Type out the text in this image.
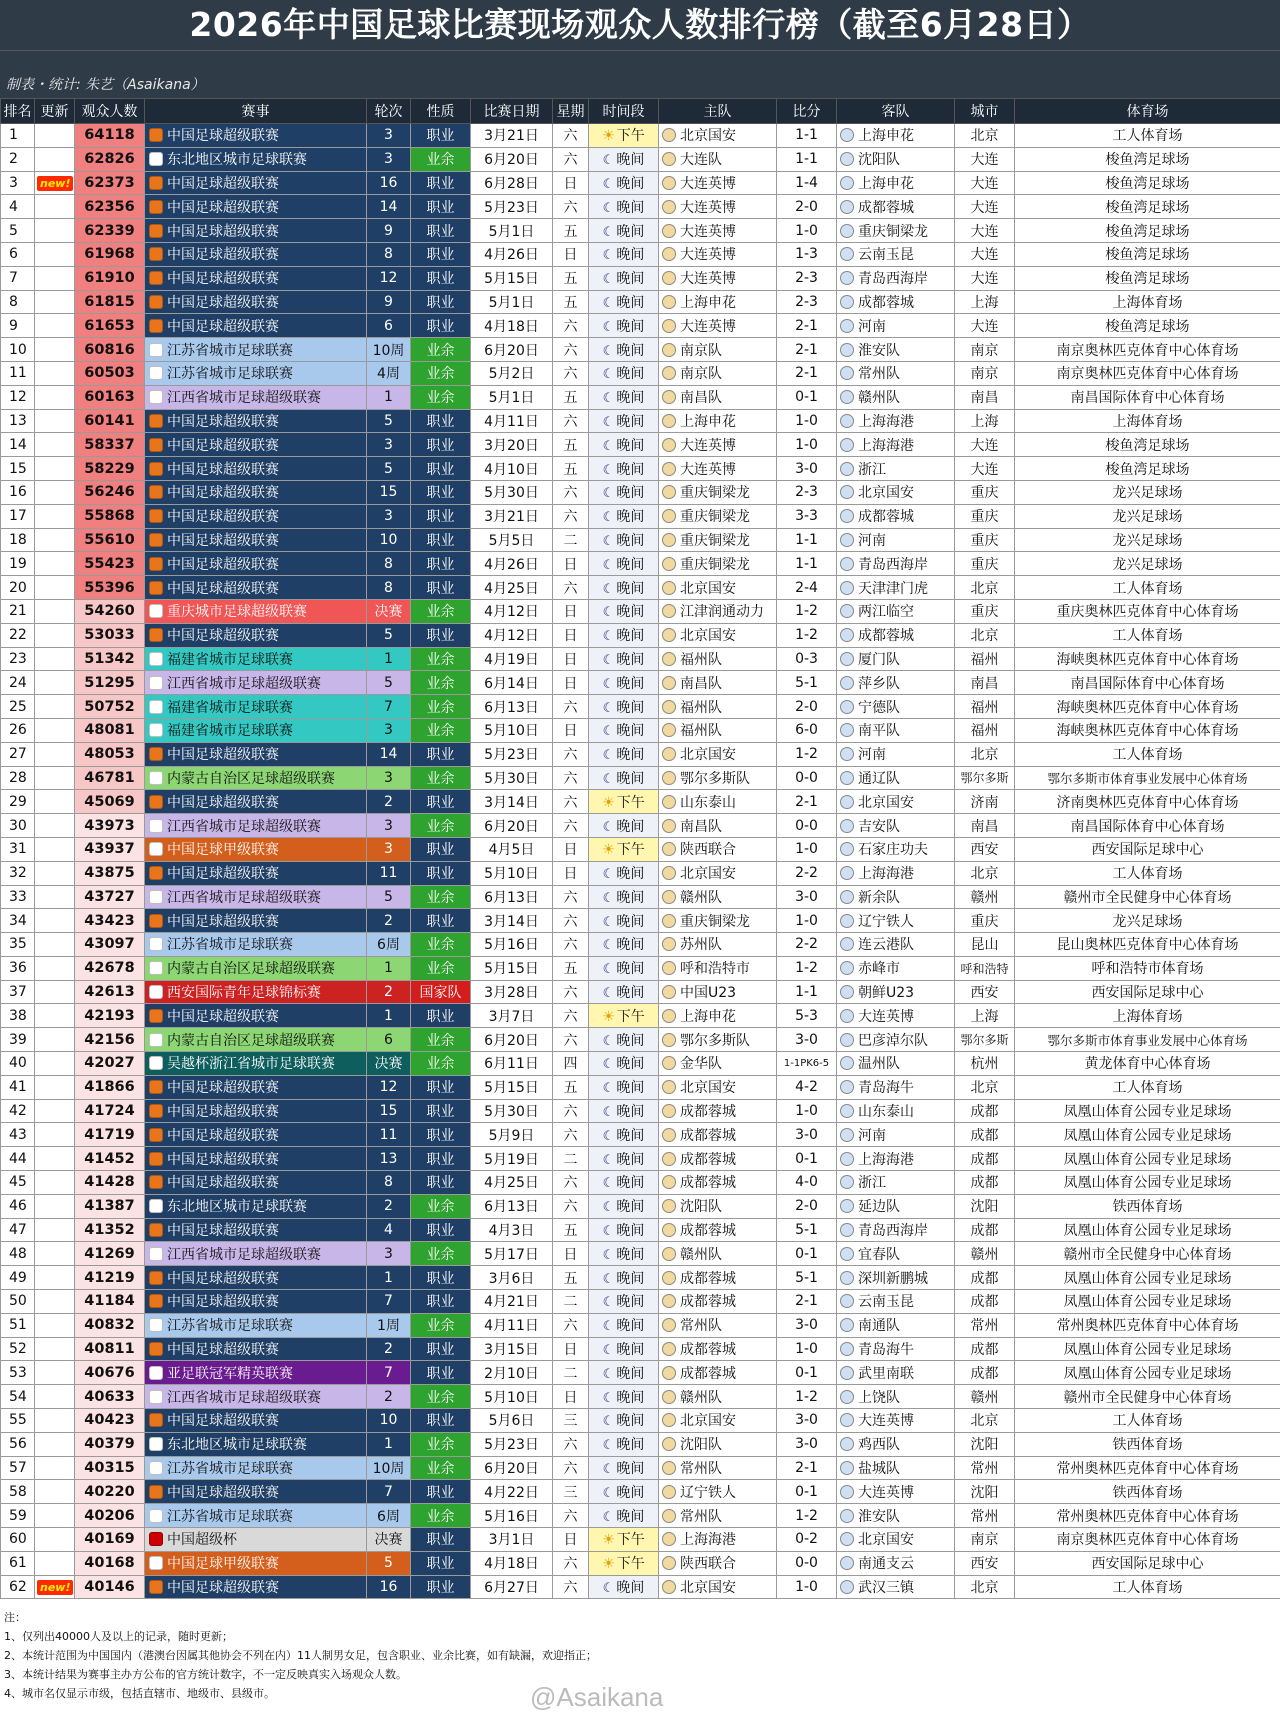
2026年中国足球比赛现场观众人数排行榜（截至6月28日）
制表・统计: 朱艺（Asaikana）
排名	更新	观众人数	赛事	轮次	性质	比赛日期	星期	时间段	主队	比分	客队	城市	体育场
1		64118	中国足球超级联赛	3	职业	3月21日	六	☀ 下午	北京国安	1-1	上海申花	北京	工人体育场
2		62826	东北地区城市足球联赛	3	业余	6月20日	六	☾ 晚间	大连队	1-1	沈阳队	大连	梭鱼湾足球场
3	new!	62373	中国足球超级联赛	16	职业	6月28日	日	☾ 晚间	大连英博	1-4	上海申花	大连	梭鱼湾足球场
4		62356	中国足球超级联赛	14	职业	5月23日	六	☾ 晚间	大连英博	2-0	成都蓉城	大连	梭鱼湾足球场
5		62339	中国足球超级联赛	9	职业	5月1日	五	☾ 晚间	大连英博	1-0	重庆铜梁龙	大连	梭鱼湾足球场
6		61968	中国足球超级联赛	8	职业	4月26日	日	☾ 晚间	大连英博	1-3	云南玉昆	大连	梭鱼湾足球场
7		61910	中国足球超级联赛	12	职业	5月15日	五	☾ 晚间	大连英博	2-3	青岛西海岸	大连	梭鱼湾足球场
8		61815	中国足球超级联赛	9	职业	5月1日	五	☾ 晚间	上海申花	2-3	成都蓉城	上海	上海体育场
9		61653	中国足球超级联赛	6	职业	4月18日	六	☾ 晚间	大连英博	2-1	河南	大连	梭鱼湾足球场
10		60816	江苏省城市足球联赛	10周	业余	6月20日	六	☾ 晚间	南京队	2-1	淮安队	南京	南京奥林匹克体育中心体育场
11		60503	江苏省城市足球联赛	4周	业余	5月2日	六	☾ 晚间	南京队	2-1	常州队	南京	南京奥林匹克体育中心体育场
12		60163	江西省城市足球超级联赛	1	业余	5月1日	五	☾ 晚间	南昌队	0-1	赣州队	南昌	南昌国际体育中心体育场
13		60141	中国足球超级联赛	5	职业	4月11日	六	☾ 晚间	上海申花	1-0	上海海港	上海	上海体育场
14		58337	中国足球超级联赛	3	职业	3月20日	五	☾ 晚间	大连英博	1-0	上海海港	大连	梭鱼湾足球场
15		58229	中国足球超级联赛	5	职业	4月10日	五	☾ 晚间	大连英博	3-0	浙江	大连	梭鱼湾足球场
16		56246	中国足球超级联赛	15	职业	5月30日	六	☾ 晚间	重庆铜梁龙	2-3	北京国安	重庆	龙兴足球场
17		55868	中国足球超级联赛	3	职业	3月21日	六	☾ 晚间	重庆铜梁龙	3-3	成都蓉城	重庆	龙兴足球场
18		55610	中国足球超级联赛	10	职业	5月5日	二	☾ 晚间	重庆铜梁龙	1-1	河南	重庆	龙兴足球场
19		55423	中国足球超级联赛	8	职业	4月26日	日	☾ 晚间	重庆铜梁龙	1-1	青岛西海岸	重庆	龙兴足球场
20		55396	中国足球超级联赛	8	职业	4月25日	六	☾ 晚间	北京国安	2-4	天津津门虎	北京	工人体育场
21		54260	重庆城市足球超级联赛	决赛	业余	4月12日	日	☾ 晚间	江津润通动力	1-2	两江临空	重庆	重庆奥林匹克体育中心体育场
22		53033	中国足球超级联赛	5	职业	4月12日	日	☾ 晚间	北京国安	1-2	成都蓉城	北京	工人体育场
23		51342	福建省城市足球联赛	1	业余	4月19日	日	☾ 晚间	福州队	0-3	厦门队	福州	海峡奥林匹克体育中心体育场
24		51295	江西省城市足球超级联赛	5	业余	6月14日	日	☾ 晚间	南昌队	5-1	萍乡队	南昌	南昌国际体育中心体育场
25		50752	福建省城市足球联赛	7	业余	6月13日	六	☾ 晚间	福州队	2-0	宁德队	福州	海峡奥林匹克体育中心体育场
26		48081	福建省城市足球联赛	3	业余	5月10日	日	☾ 晚间	福州队	6-0	南平队	福州	海峡奥林匹克体育中心体育场
27		48053	中国足球超级联赛	14	职业	5月23日	六	☾ 晚间	北京国安	1-2	河南	北京	工人体育场
28		46781	内蒙古自治区足球超级联赛	3	业余	5月30日	六	☾ 晚间	鄂尔多斯队	0-0	通辽队	鄂尔多斯	鄂尔多斯市体育事业发展中心体育场
29		45069	中国足球超级联赛	2	职业	3月14日	六	☀ 下午	山东泰山	2-1	北京国安	济南	济南奥林匹克体育中心体育场
30		43973	江西省城市足球超级联赛	3	业余	6月20日	六	☾ 晚间	南昌队	0-0	吉安队	南昌	南昌国际体育中心体育场
31		43937	中国足球甲级联赛	3	职业	4月5日	日	☀ 下午	陕西联合	1-0	石家庄功夫	西安	西安国际足球中心
32		43875	中国足球超级联赛	11	职业	5月10日	日	☾ 晚间	北京国安	2-2	上海海港	北京	工人体育场
33		43727	江西省城市足球超级联赛	5	业余	6月13日	六	☾ 晚间	赣州队	3-0	新余队	赣州	赣州市全民健身中心体育场
34		43423	中国足球超级联赛	2	职业	3月14日	六	☾ 晚间	重庆铜梁龙	1-0	辽宁铁人	重庆	龙兴足球场
35		43097	江苏省城市足球联赛	6周	业余	5月16日	六	☾ 晚间	苏州队	2-2	连云港队	昆山	昆山奥林匹克体育中心体育场
36		42678	内蒙古自治区足球超级联赛	1	业余	5月15日	五	☾ 晚间	呼和浩特市	1-2	赤峰市	呼和浩特	呼和浩特市体育场
37		42613	西安国际青年足球锦标赛	2	国家队	3月28日	六	☾ 晚间	中国U23	1-1	朝鲜U23	西安	西安国际足球中心
38		42193	中国足球超级联赛	1	职业	3月7日	六	☀ 下午	上海申花	5-3	大连英博	上海	上海体育场
39		42156	内蒙古自治区足球超级联赛	6	业余	6月20日	六	☾ 晚间	鄂尔多斯队	3-0	巴彦淖尔队	鄂尔多斯	鄂尔多斯市体育事业发展中心体育场
40		42027	吴越杯浙江省城市足球联赛	决赛	业余	6月11日	四	☾ 晚间	金华队	1-1PK6-5	温州队	杭州	黄龙体育中心体育场
41		41866	中国足球超级联赛	12	职业	5月15日	五	☾ 晚间	北京国安	4-2	青岛海牛	北京	工人体育场
42		41724	中国足球超级联赛	15	职业	5月30日	六	☾ 晚间	成都蓉城	1-0	山东泰山	成都	凤凰山体育公园专业足球场
43		41719	中国足球超级联赛	11	职业	5月9日	六	☾ 晚间	成都蓉城	3-0	河南	成都	凤凰山体育公园专业足球场
44		41452	中国足球超级联赛	13	职业	5月19日	二	☾ 晚间	成都蓉城	0-1	上海海港	成都	凤凰山体育公园专业足球场
45		41428	中国足球超级联赛	8	职业	4月25日	六	☾ 晚间	成都蓉城	4-0	浙江	成都	凤凰山体育公园专业足球场
46		41387	东北地区城市足球联赛	2	业余	6月13日	六	☾ 晚间	沈阳队	2-0	延边队	沈阳	铁西体育场
47		41352	中国足球超级联赛	4	职业	4月3日	五	☾ 晚间	成都蓉城	5-1	青岛西海岸	成都	凤凰山体育公园专业足球场
48		41269	江西省城市足球超级联赛	3	业余	5月17日	日	☾ 晚间	赣州队	0-1	宜春队	赣州	赣州市全民健身中心体育场
49		41219	中国足球超级联赛	1	职业	3月6日	五	☾ 晚间	成都蓉城	5-1	深圳新鹏城	成都	凤凰山体育公园专业足球场
50		41184	中国足球超级联赛	7	职业	4月21日	二	☾ 晚间	成都蓉城	2-1	云南玉昆	成都	凤凰山体育公园专业足球场
51		40832	江苏省城市足球联赛	1周	业余	4月11日	六	☾ 晚间	常州队	3-0	南通队	常州	常州奥林匹克体育中心体育场
52		40811	中国足球超级联赛	2	职业	3月15日	日	☾ 晚间	成都蓉城	1-0	青岛海牛	成都	凤凰山体育公园专业足球场
53		40676	亚足联冠军精英联赛	7	职业	2月10日	二	☾ 晚间	成都蓉城	0-1	武里南联	成都	凤凰山体育公园专业足球场
54		40633	江西省城市足球超级联赛	2	业余	5月10日	日	☾ 晚间	赣州队	1-2	上饶队	赣州	赣州市全民健身中心体育场
55		40423	中国足球超级联赛	10	职业	5月6日	三	☾ 晚间	北京国安	3-0	大连英博	北京	工人体育场
56		40379	东北地区城市足球联赛	1	业余	5月23日	六	☾ 晚间	沈阳队	3-0	鸡西队	沈阳	铁西体育场
57		40315	江苏省城市足球联赛	10周	业余	6月20日	六	☾ 晚间	常州队	2-1	盐城队	常州	常州奥林匹克体育中心体育场
58		40220	中国足球超级联赛	7	职业	4月22日	三	☾ 晚间	辽宁铁人	0-1	大连英博	沈阳	铁西体育场
59		40206	江苏省城市足球联赛	6周	业余	5月16日	六	☾ 晚间	常州队	1-2	淮安队	常州	常州奥林匹克体育中心体育场
60		40169	中国超级杯	决赛	职业	3月1日	日	☀ 下午	上海海港	0-2	北京国安	南京	南京奥林匹克体育中心体育场
61		40168	中国足球甲级联赛	5	职业	4月18日	六	☀ 下午	陕西联合	0-0	南通支云	西安	西安国际足球中心
62	new!	40146	中国足球超级联赛	16	职业	6月27日	六	☾ 晚间	北京国安	1-0	武汉三镇	北京	工人体育场
注：
1、仅列出40000人及以上的记录，随时更新；
2、本统计范围为中国国内（港澳台因属其他协会不列在内）11人制男女足，包含职业、业余比赛，如有缺漏，欢迎指正；
3、本统计结果为赛事主办方公布的官方统计数字，不一定反映真实入场观众人数。
4、城市名仅显示市级，包括直辖市、地级市、县级市。	@Asaikana
